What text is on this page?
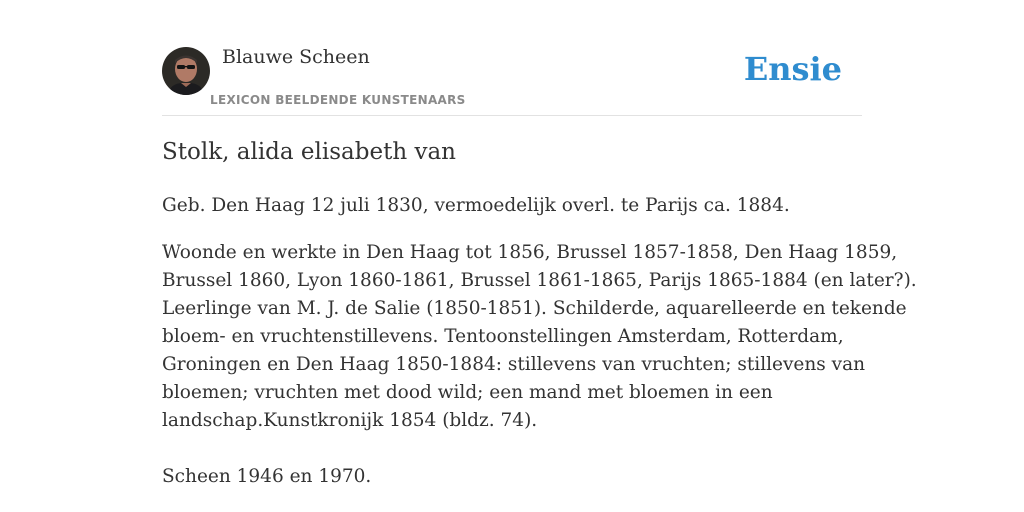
Blauwe Scheen
LEXICON BEELDENDE KUNSTENAARS
Ensie
Stolk, alida elisabeth van

Geb. Den Haag 12 juli 1830, vermoedelijk overl. te Parijs ca. 1884.

Woonde en werkte in Den Haag tot 1856, Brussel 1857-1858, Den Haag 1859,
Brussel 1860, Lyon 1860-1861, Brussel 1861-1865, Parijs 1865-1884 (en later?).
Leerlinge van M. J. de Salie (1850-1851). Schilderde, aquarelleerde en tekende
bloem- en vruchtenstillevens. Tentoonstellingen Amsterdam, Rotterdam,
Groningen en Den Haag 1850-1884: stillevens van vruchten; stillevens van
bloemen; vruchten met dood wild; een mand met bloemen in een
landschap.Kunstkronijk 1854 (bldz. 74).

Scheen 1946 en 1970.
